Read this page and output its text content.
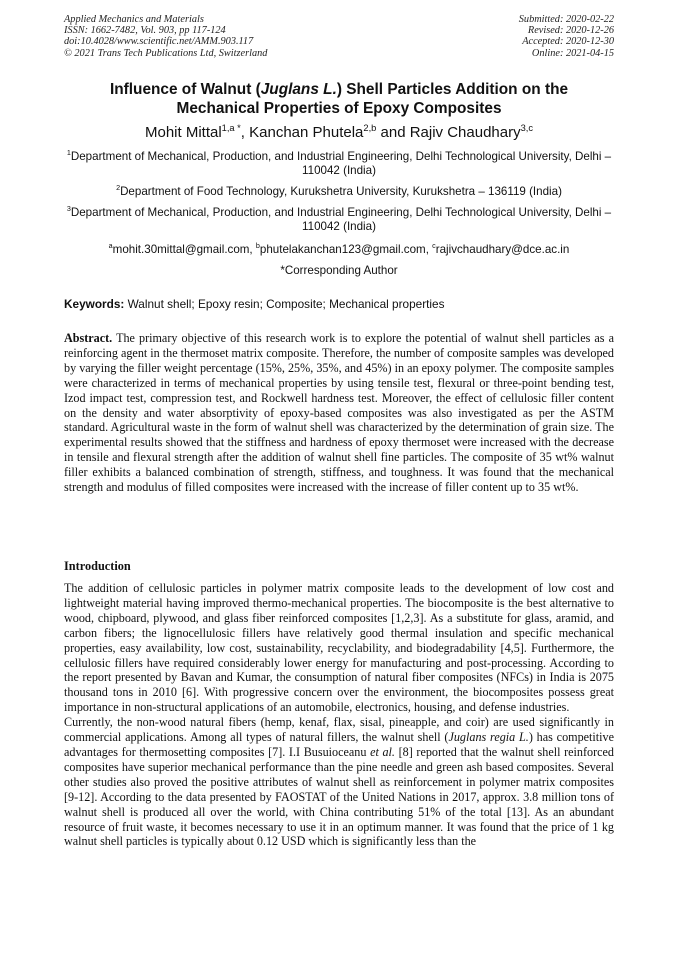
Applied Mechanics and Materials
ISSN: 1662-7482, Vol. 903, pp 117-124
doi:10.4028/www.scientific.net/AMM.903.117
© 2021 Trans Tech Publications Ltd, Switzerland
Submitted: 2020-02-22
Revised: 2020-12-26
Accepted: 2020-12-30
Online: 2021-04-15
Influence of Walnut (Juglans L.) Shell Particles Addition on the Mechanical Properties of Epoxy Composites
Mohit Mittal$^{1,a *}$, Kanchan Phutela$^{2,b}$ and Rajiv Chaudhary$^{3,c}$
$^1$Department of Mechanical, Production, and Industrial Engineering, Delhi Technological University, Delhi – 110042 (India)
$^2$Department of Food Technology, Kurukshetra University, Kurukshetra – 136119 (India)
$^3$Department of Mechanical, Production, and Industrial Engineering, Delhi Technological University, Delhi – 110042 (India)
$^a$mohit.30mittal@gmail.com, $^b$phutelakanchan123@gmail.com, $^c$rajivchaudhary@dce.ac.in
*Corresponding Author
Keywords: Walnut shell; Epoxy resin; Composite; Mechanical properties

Abstract. The primary objective of this research work is to explore the potential of walnut shell particles as a reinforcing agent in the thermoset matrix composite. Therefore, the number of composite samples was developed by varying the filler weight percentage (15%, 25%, 35%, and 45%) in an epoxy polymer. The composite samples were characterized in terms of mechanical properties by using tensile test, flexural or three-point bending test, Izod impact test, compression test, and Rockwell hardness test. Moreover, the effect of cellulosic filler content on the density and water absorptivity of epoxy-based composites was also investigated as per the ASTM standard. Agricultural waste in the form of walnut shell was characterized by the determination of grain size. The experimental results showed that the stiffness and hardness of epoxy thermoset were increased with the decrease in tensile and flexural strength after the addition of walnut shell fine particles. The composite of 35 wt% walnut filler exhibits a balanced combination of strength, stiffness, and toughness. It was found that the mechanical strength and modulus of filled composites were increased with the increase of filler content up to 35 wt%.

Introduction

The addition of cellulosic particles in polymer matrix composite leads to the development of low cost and lightweight material having improved thermo-mechanical properties. The biocomposite is the best alternative to wood, chipboard, plywood, and glass fiber reinforced composites [1,2,3]. As a substitute for glass, aramid, and carbon fibers; the lignocellulosic fillers have relatively good thermal insulation and specific mechanical properties, easy availability, low cost, sustainability, recyclability, and biodegradability [4,5]. Furthermore, the cellulosic fillers have required considerably lower energy for manufacturing and post-processing. According to the report presented by Bavan and Kumar, the consumption of natural fiber composites (NFCs) in India is 2075 thousand tons in 2010 [6]. With progressive concern over the environment, the biocomposites possess great importance in non-structural applications of an automobile, electronics, housing, and defense industries.

Currently, the non-wood natural fibers (hemp, kenaf, flax, sisal, pineapple, and coir) are used significantly in commercial applications. Among all types of natural fillers, the walnut shell (Juglans regia L.) has competitive advantages for thermosetting composites [7]. I.I Busuioceanu et al. [8] reported that the walnut shell reinforced composites have superior mechanical performance than the pine needle and green ash based composites. Several other studies also proved the positive attributes of walnut shell as reinforcement in polymer matrix composites [9-12]. According to the data presented by FAOSTAT of the United Nations in 2017, approx. 3.8 million tons of walnut shell is produced all over the world, with China contributing 51% of the total [13]. As an abundant resource of fruit waste, it becomes necessary to use it in an optimum manner. It was found that the price of 1 kg walnut shell particles is typically about 0.12 USD which is significantly less than the
